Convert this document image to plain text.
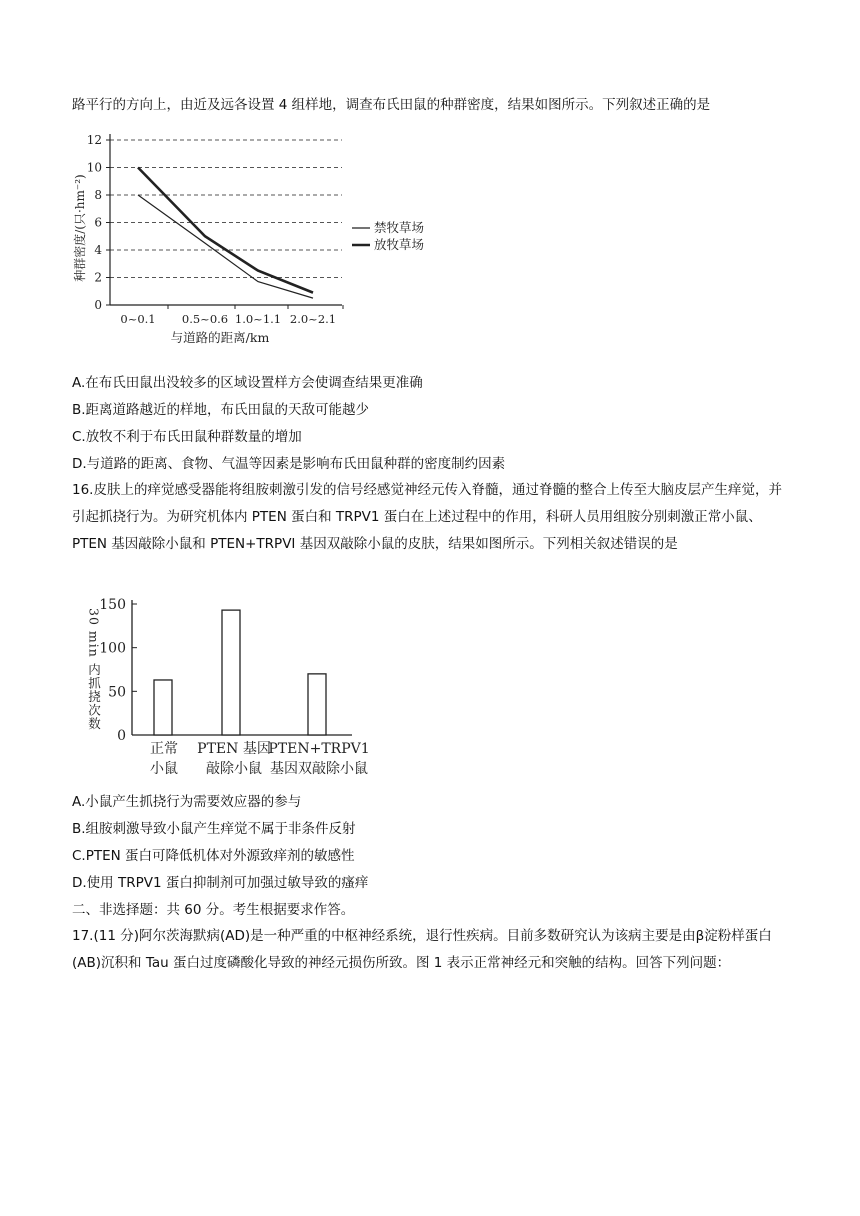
路平行的方向上，由近及远各设置 4 组样地，调查布氏田鼠的种群密度，结果如图所示。下列叙述正确的是
0
2
4
6
8
10
12
0~0.1 0.5~0.6 1.0~1.1 2.0~2.1
与道路的距离/km
种群密度/(只·hm⁻²)	禁牧草场
放牧草场
A.在布氏田鼠出没较多的区域设置样方会使调查结果更准确
B.距离道路越近的样地，布氏田鼠的天敌可能越少
C.放牧不利于布氏田鼠种群数量的增加
D.与道路的距离、食物、气温等因素是影响布氏田鼠种群的密度制约因素
16.皮肤上的痒觉感受器能将组胺刺激引发的信号经感觉神经元传入脊髓，通过脊髓的整合上传至大脑皮层产生痒觉，并引起抓挠行为。为研究机体内 PTEN 蛋白和 TRPV1 蛋白在上述过程中的作用，科研人员用组胺分别刺激正常小鼠、PTEN 基因敲除小鼠和 PTEN+TRPVI 基因双敲除小鼠的皮肤，结果如图所示。下列相关叙述错误的是
0
50
100
150
30 min 内抓挠次数
正常
小鼠
PTEN 基因
敲除小鼠
PTEN+TRPV1
基因双敲除小鼠
A.小鼠产生抓挠行为需要效应器的参与
B.组胺刺激导致小鼠产生痒觉不属于非条件反射
C.PTEN 蛋白可降低机体对外源致痒剂的敏感性
D.使用 TRPV1 蛋白抑制剂可加强过敏导致的瘙痒
二、非选择题：共 60 分。考生根据要求作答。
17.(11 分)阿尔茨海默病(AD)是一种严重的中枢神经系统，退行性疾病。目前多数研究认为该病主要是由β淀粉样蛋白(AB)沉积和 Tau 蛋白过度磷酸化导致的神经元损伤所致。图 1 表示正常神经元和突触的结构。回答下列问题：
